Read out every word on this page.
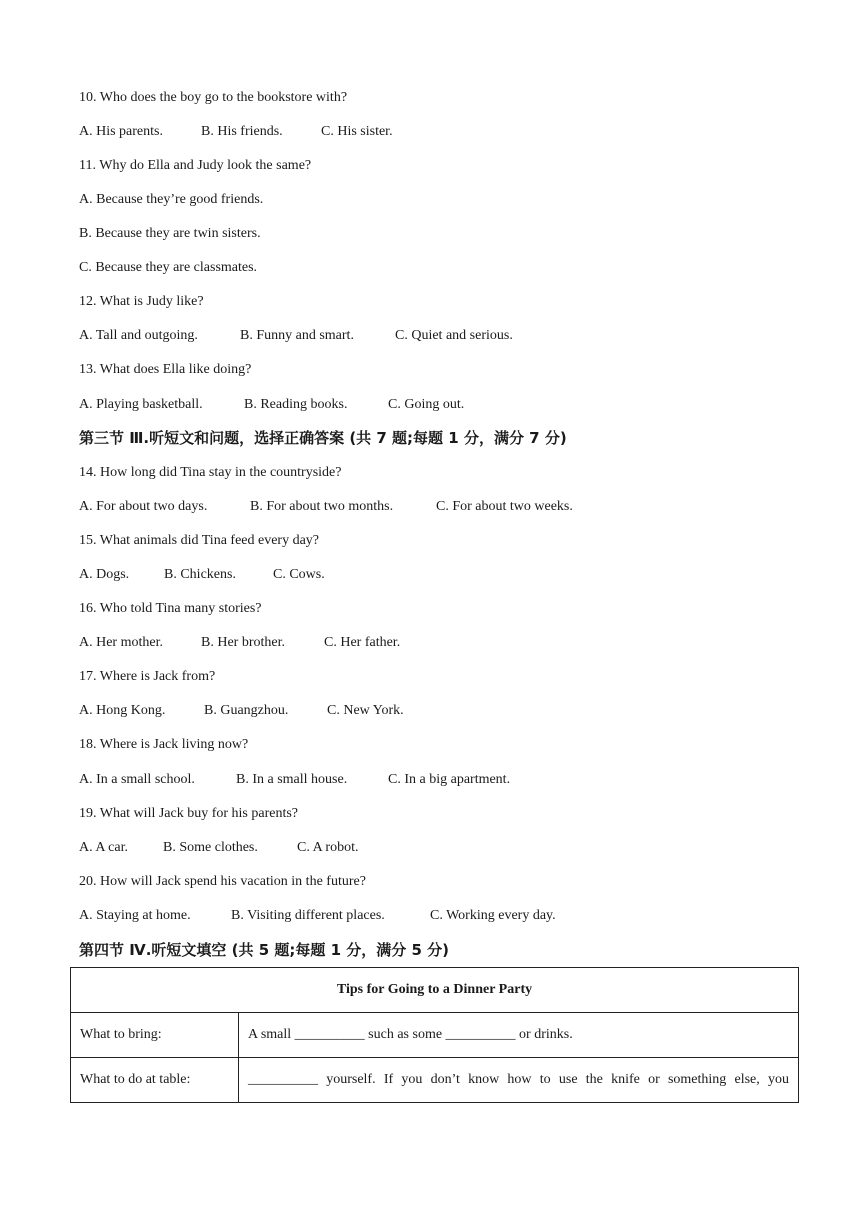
10. Who does the boy go to the bookstore with?
A. His parents.	B. His friends.	C. His sister.
11. Why do Ella and Judy look the same?
A. Because they’re good friends.
B. Because they are twin sisters.
C. Because they are classmates.
12. What is Judy like?
A. Tall and outgoing.	B. Funny and smart.	C. Quiet and serious.
13. What does Ella like doing?
A. Playing basketball.	B. Reading books.	C. Going out.
第三节 Ⅲ.听短文和问题，选择正确答案 (共 7 题;每题 1 分，满分 7 分)
14. How long did Tina stay in the countryside?
A. For about two days.	B. For about two months.	C. For about two weeks.
15. What animals did Tina feed every day?
A. Dogs. B. Chickens.	C. Cows.
16. Who told Tina many stories?
A. Her mother.	B. Her brother.	C. Her father.
17. Where is Jack from?
A. Hong Kong.	B. Guangzhou.	C. New York.
18. Where is Jack living now?
A. In a small school.	B. In a small house.	C. In a big apartment.
19. What will Jack buy for his parents?
A. A car.	B. Some clothes.	C. A robot.
20. How will Jack spend his vacation in the future?
A. Staying at home.	B. Visiting different places.	C. Working every day.
第四节 Ⅳ.听短文填空 (共 5 题;每题 1 分，满分 5 分)
Tips for Going to a Dinner Party	
What to bring:	A small __________ such as some __________ or drinks.
What to do at table:	__________ yourself. If you don’t know how to use the knife or something else, you
